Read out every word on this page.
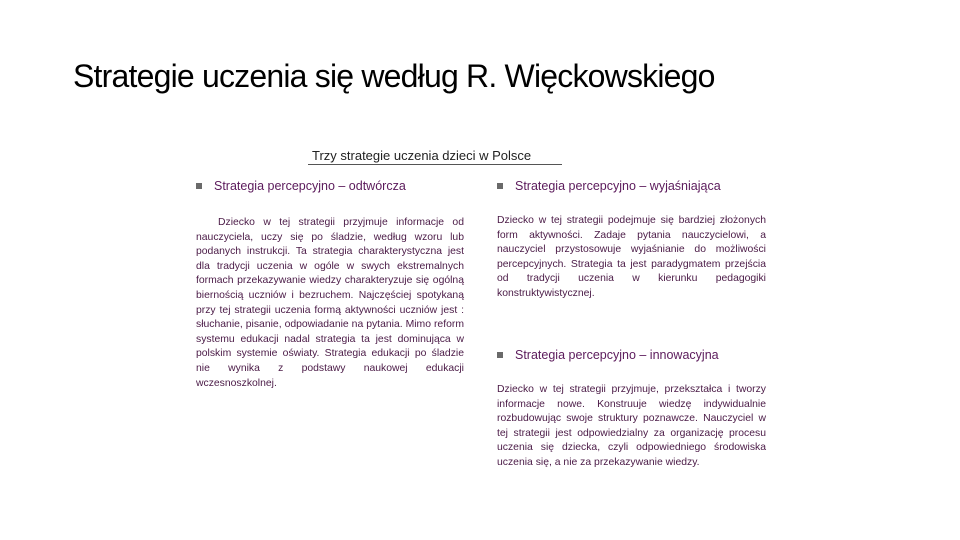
Strategie uczenia się według R. Więckowskiego
Trzy strategie uczenia dzieci w Polsce
Strategia percepcyjno – odtwórcza

Dziecko w tej strategii przyjmuje informacje od nauczyciela, uczy się po śladzie, według wzoru lub podanych instrukcji. Ta strategia charakterystyczna jest dla tradycji uczenia w ogóle w swych ekstremalnych formach przekazywanie wiedzy charakteryzuje się ogólną biernością uczniów i bezruchem. Najczęściej spotykaną przy tej strategii uczenia formą aktywności uczniów jest : słuchanie, pisanie, odpowiadanie na pytania. Mimo reform systemu edukacji nadal strategia ta jest dominująca w polskim systemie oświaty. Strategia edukacji po śladzie nie wynika z podstawy naukowej edukacji wczesnoszkolnej.

Strategia percepcyjno – wyjaśniająca

Dziecko w tej strategii podejmuje się bardziej złożonych form aktywności. Zadaje pytania nauczycielowi, a nauczyciel przystosowuje wyjaśnianie do możliwości percepcyjnych. Strategia ta jest paradygmatem przejścia od tradycji uczenia w kierunku pedagogiki konstruktywistycznej.

Strategia percepcyjno – innowacyjna

Dziecko w tej strategii przyjmuje, przekształca i tworzy informacje nowe. Konstruuje wiedzę indywidualnie rozbudowując swoje struktury poznawcze. Nauczyciel w tej strategii jest odpowiedzialny za organizację procesu uczenia się dziecka, czyli odpowiedniego środowiska uczenia się, a nie za przekazywanie wiedzy.
